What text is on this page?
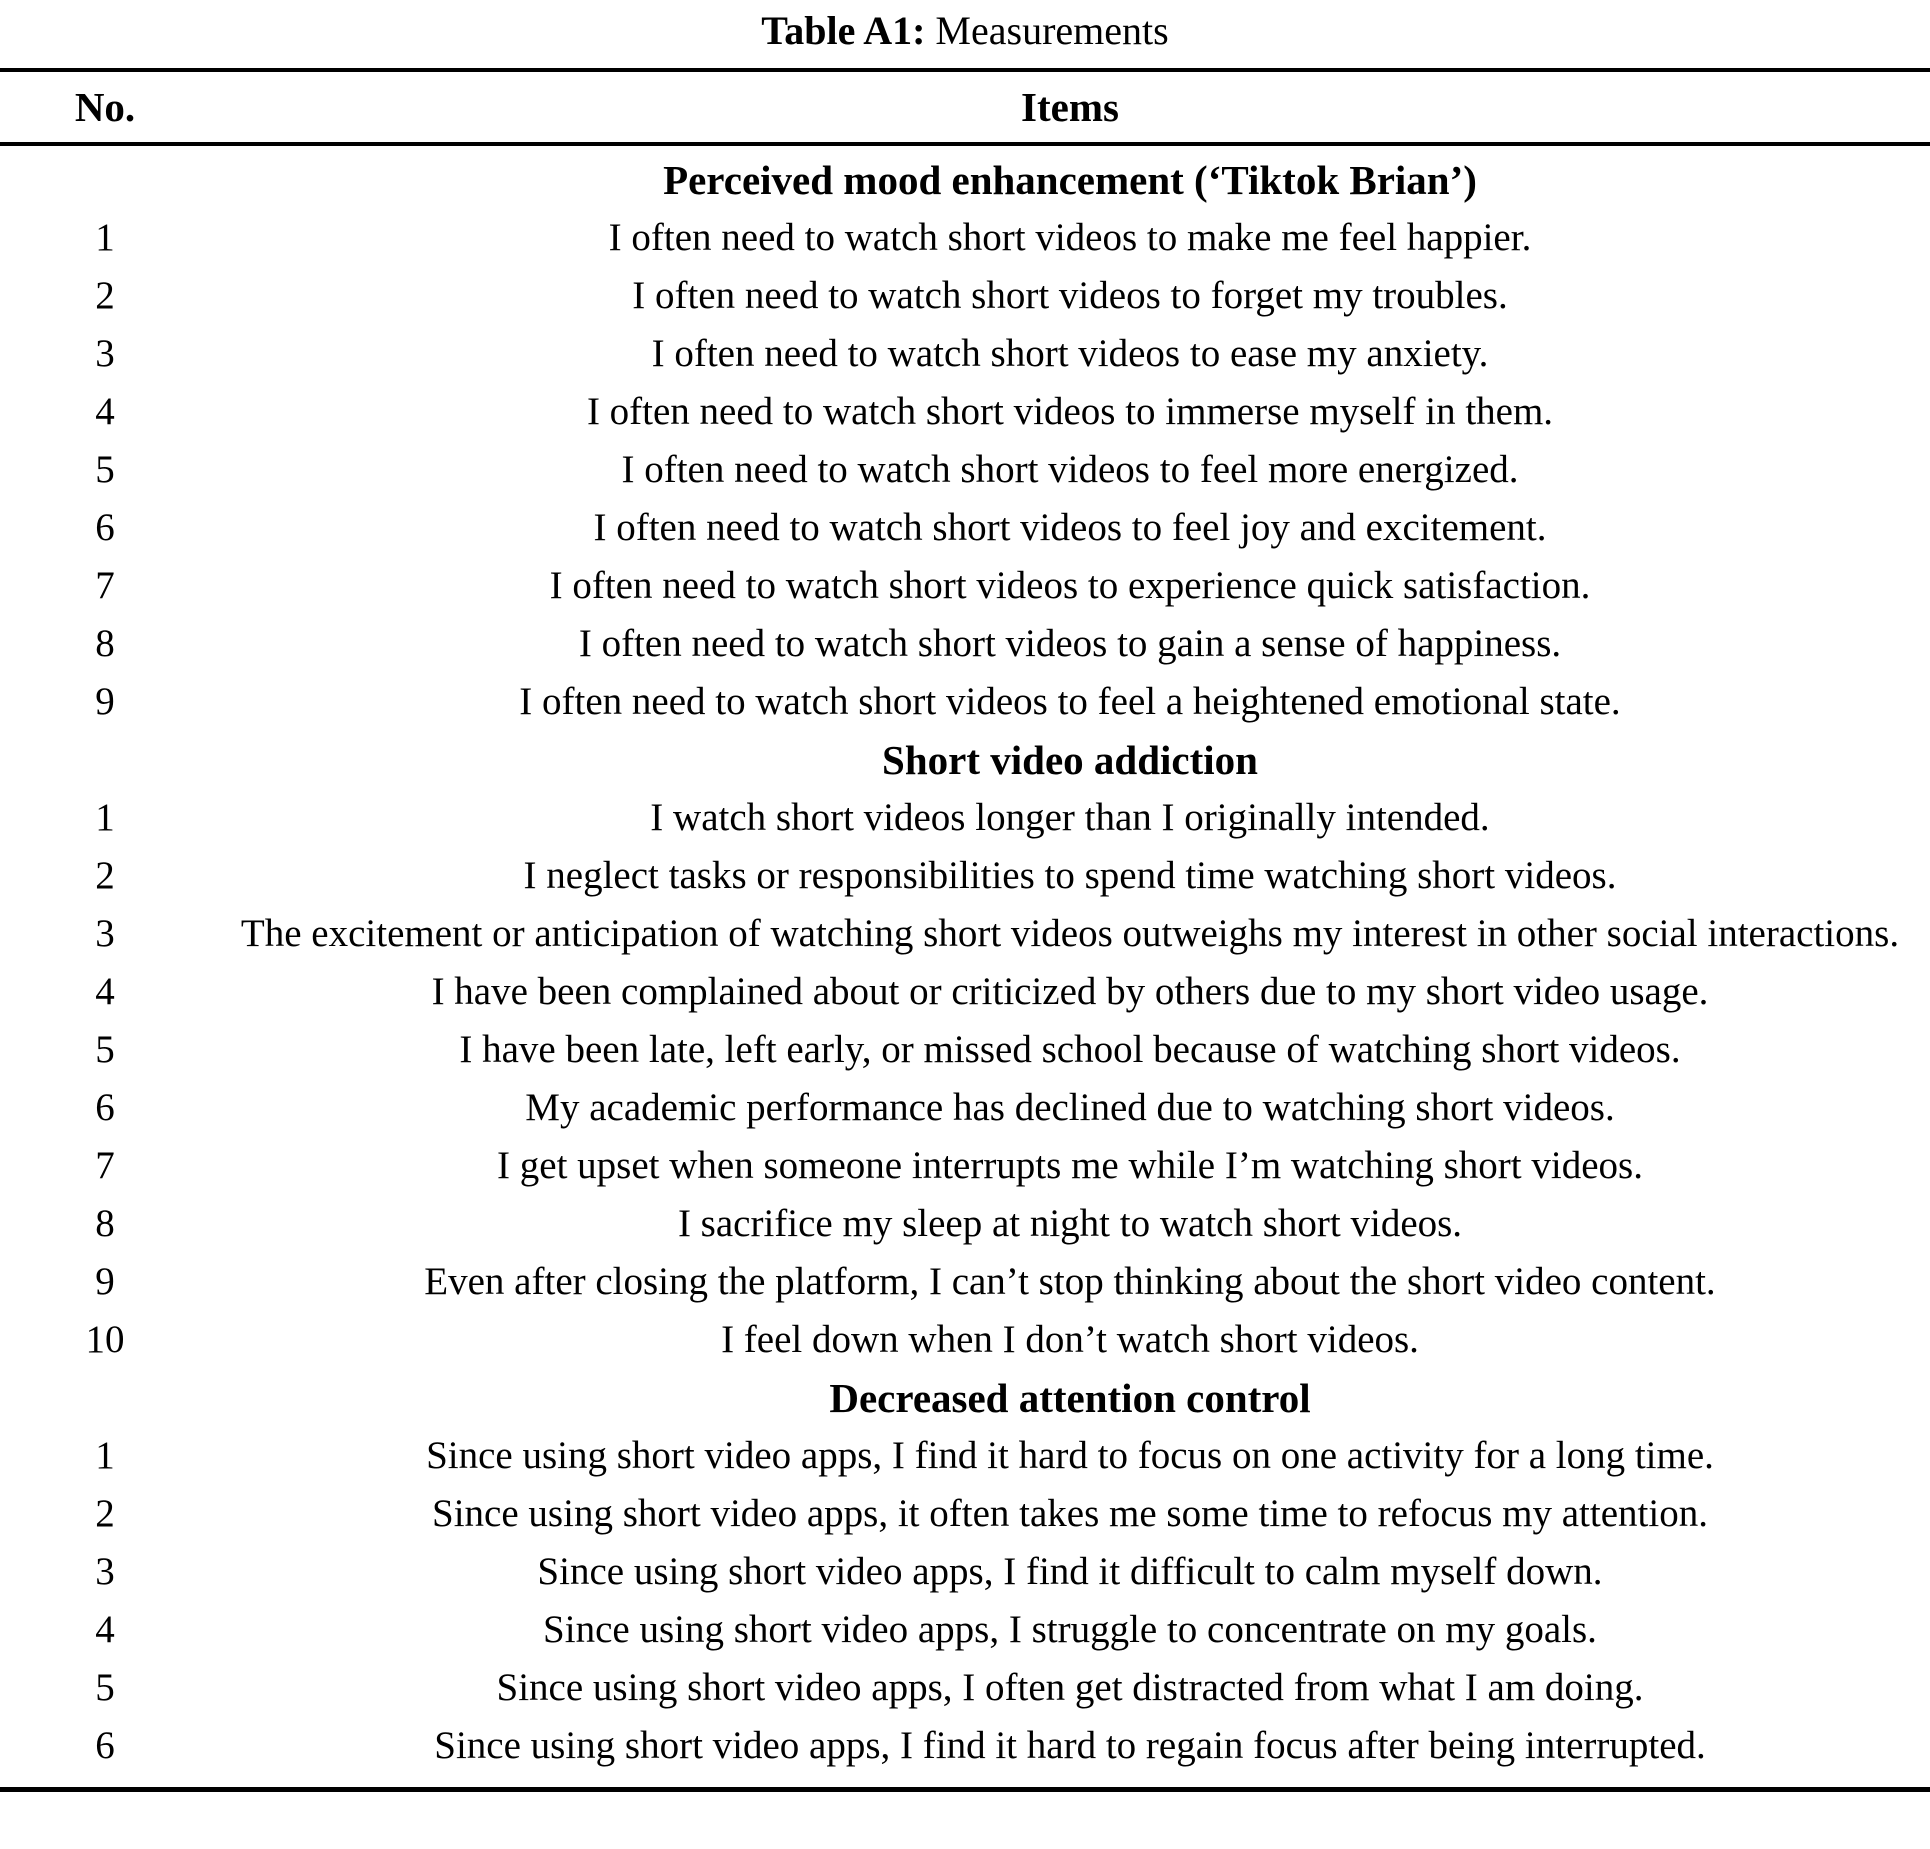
Table A1: Measurements
No.	Items
Perceived mood enhancement (‘Tiktok Brian’)
1	I often need to watch short videos to make me feel happier.
2	I often need to watch short videos to forget my troubles.
3	I often need to watch short videos to ease my anxiety.
4	I often need to watch short videos to immerse myself in them.
5	I often need to watch short videos to feel more energized.
6	I often need to watch short videos to feel joy and excitement.
7	I often need to watch short videos to experience quick satisfaction.
8	I often need to watch short videos to gain a sense of happiness.
9	I often need to watch short videos to feel a heightened emotional state.
Short video addiction
1	I watch short videos longer than I originally intended.
2	I neglect tasks or responsibilities to spend time watching short videos.
3	The excitement or anticipation of watching short videos outweighs my interest in other social interactions.
4	I have been complained about or criticized by others due to my short video usage.
5	I have been late, left early, or missed school because of watching short videos.
6	My academic performance has declined due to watching short videos.
7	I get upset when someone interrupts me while I’m watching short videos.
8	I sacrifice my sleep at night to watch short videos.
9	Even after closing the platform, I can’t stop thinking about the short video content.
10	I feel down when I don’t watch short videos.
Decreased attention control
1	Since using short video apps, I find it hard to focus on one activity for a long time.
2	Since using short video apps, it often takes me some time to refocus my attention.
3	Since using short video apps, I find it difficult to calm myself down.
4	Since using short video apps, I struggle to concentrate on my goals.
5	Since using short video apps, I often get distracted from what I am doing.
6	Since using short video apps, I find it hard to regain focus after being interrupted.
